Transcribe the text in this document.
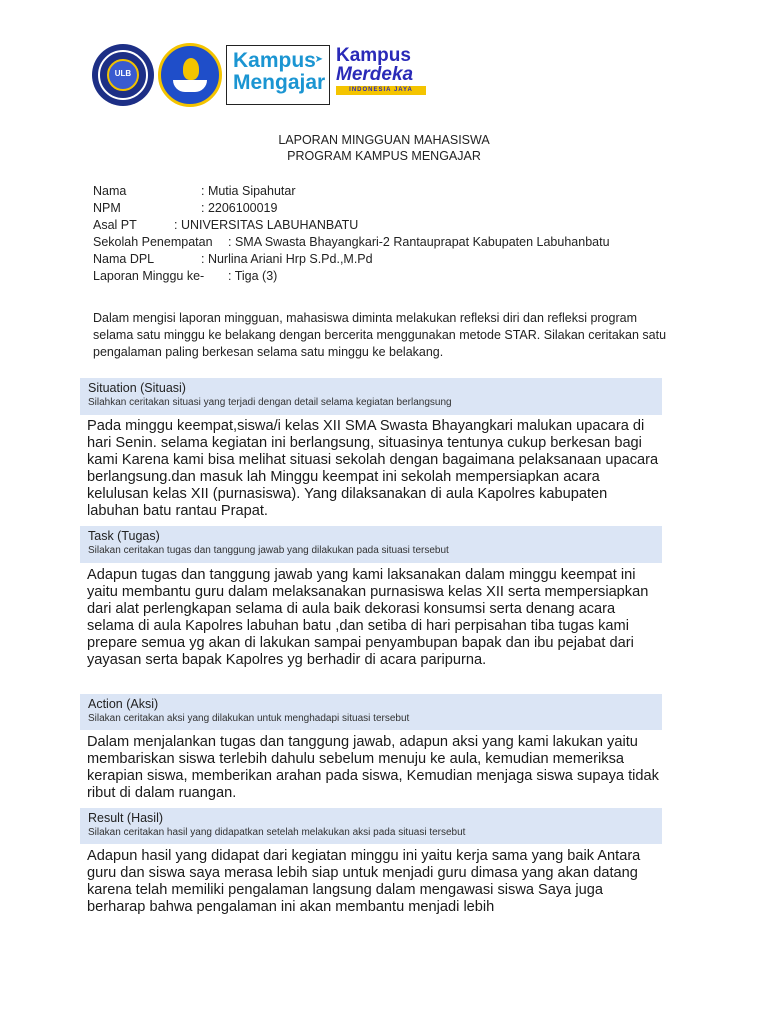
ULB
Kampus
Mengajar
➤ Kampus
Merdeka
INDONESIA JAYA
LAPORAN MINGGUAN MAHASISWA
PROGRAM KAMPUS MENGAJAR
Nama	: Mutia Sipahutar
NPM	: 2206100019
Asal PT	: UNIVERSITAS LABUHANBATU
Sekolah Penempatan	: SMA Swasta Bhayangkari-2 Rantauprapat Kabupaten Labuhanbatu
Nama DPL	: Nurlina Ariani Hrp S.Pd.,M.Pd
Laporan Minggu ke-	: Tiga (3)
Dalam mengisi laporan mingguan, mahasiswa diminta melakukan refleksi diri dan refleksi program selama satu minggu ke belakang dengan bercerita menggunakan metode STAR. Silakan ceritakan satu pengalaman paling berkesan selama satu minggu ke belakang.
Situation (Situasi)
Silahkan ceritakan situasi yang terjadi dengan detail selama kegiatan berlangsung
Pada minggu keempat,siswa/i kelas XII SMA Swasta Bhayangkari malukan upacara di hari Senin. selama kegiatan ini berlangsung, situasinya tentunya cukup berkesan bagi kami Karena kami bisa melihat situasi sekolah dengan bagaimana pelaksanaan upacara berlangsung.dan masuk lah Minggu keempat ini sekolah mempersiapkan acara kelulusan kelas XII (purnasiswa). Yang dilaksanakan di aula Kapolres kabupaten labuhan batu rantau Prapat.
Task (Tugas)
Silakan ceritakan tugas dan tanggung jawab yang dilakukan pada situasi tersebut
Adapun tugas dan tanggung jawab yang kami laksanakan dalam minggu keempat ini yaitu membantu guru dalam melaksanakan purnasiswa kelas XII serta mempersiapkan dari alat perlengkapan selama di aula baik dekorasi konsumsi serta denang acara selama di aula Kapolres labuhan batu ,dan setiba di hari perpisahan tiba tugas kami prepare semua yg akan di lakukan sampai penyambupan bapak dan ibu pejabat dari yayasan serta bapak Kapolres yg berhadir di acara paripurna.
Action (Aksi)
Silakan ceritakan aksi yang dilakukan untuk menghadapi situasi tersebut
Dalam menjalankan tugas dan tanggung jawab, adapun aksi yang kami lakukan yaitu membariskan siswa terlebih dahulu sebelum menuju ke aula, kemudian memeriksa kerapian siswa, memberikan arahan pada siswa, Kemudian menjaga siswa supaya tidak ribut di dalam ruangan.
Result (Hasil)
Silakan ceritakan hasil yang didapatkan setelah melakukan aksi pada situasi tersebut
Adapun hasil yang didapat dari kegiatan minggu ini yaitu kerja sama yang baik Antara guru dan siswa saya merasa lebih siap untuk menjadi guru dimasa yang akan datang karena telah memiliki pengalaman langsung dalam mengawasi siswa Saya juga berharap bahwa pengalaman ini akan membantu menjadi lebih
